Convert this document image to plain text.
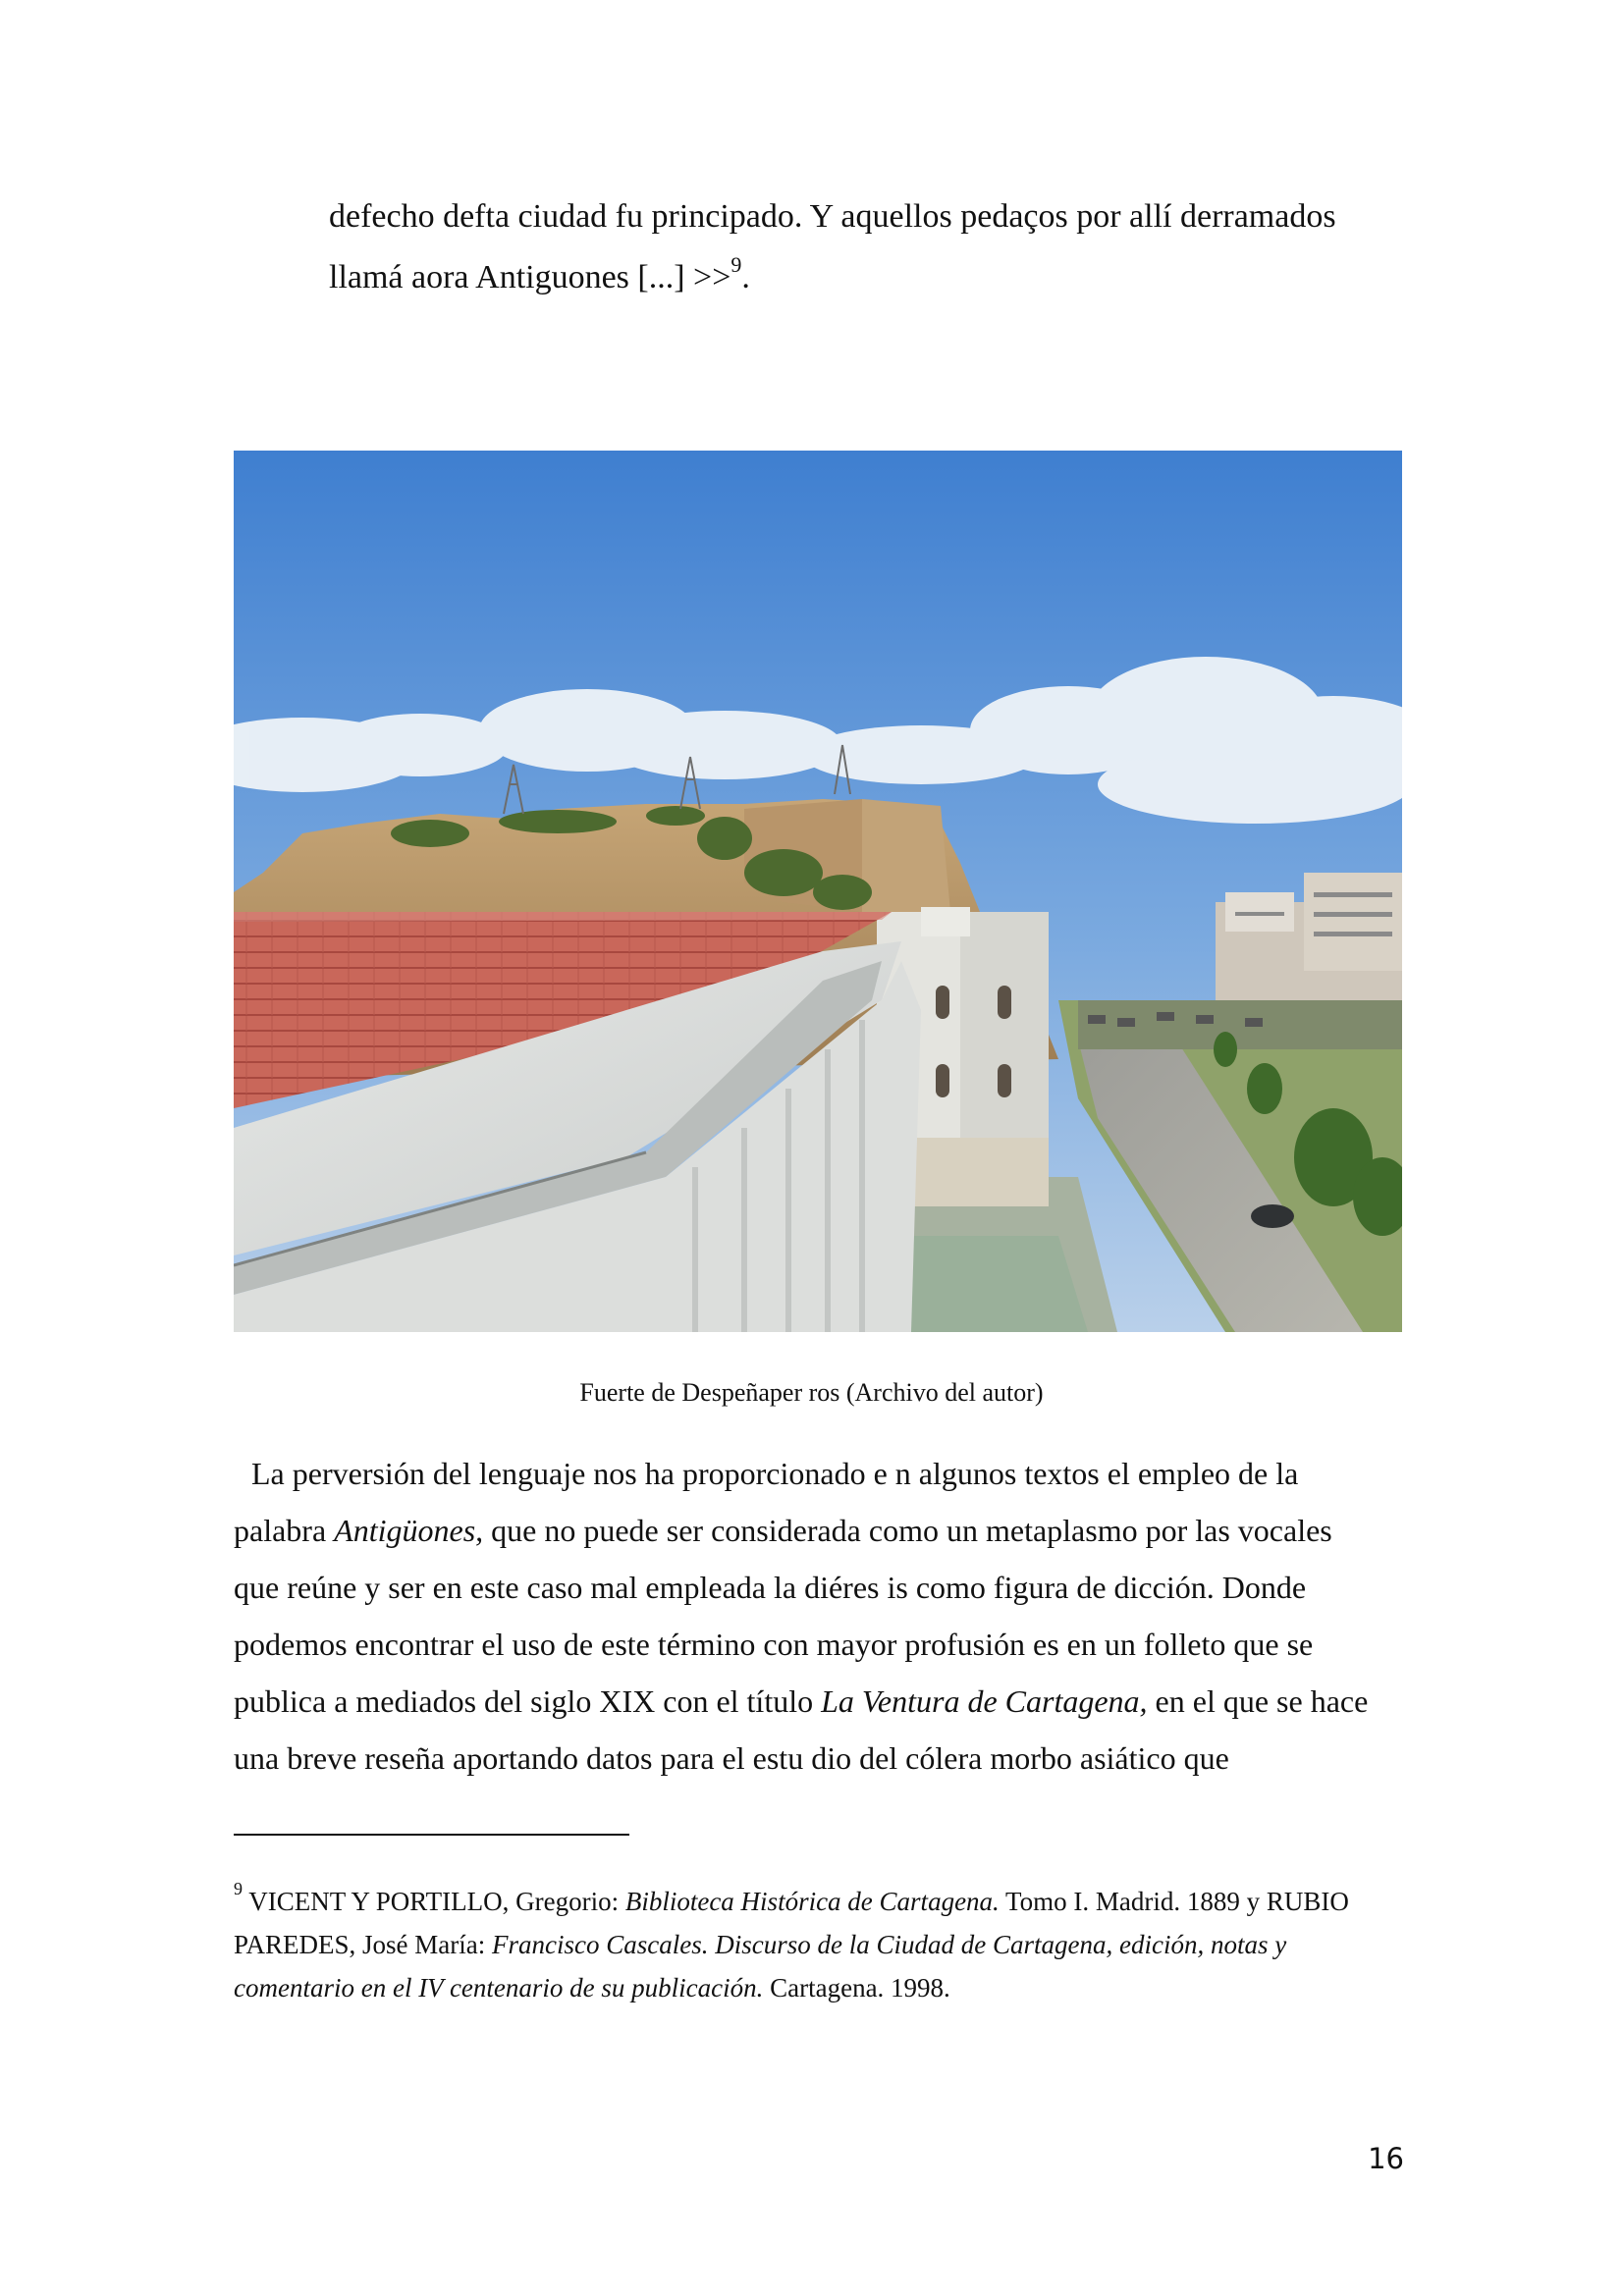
defecho defta ciudad fu principado. Y aquellos pedaços por allí derramados

llamá aora Antiguones [...] >>$^9$.

Fuerte de Despeñaper ros (Archivo del autor)

La perversión del lenguaje nos ha proporcionado e n algunos textos el empleo de la

palabra Antigüones, que no puede ser considerada como un metaplasmo por las vocales

que reúne y ser en este caso mal empleada la diéres is como figura de dicción. Donde

podemos encontrar el uso de este término con mayor profusión es en un folleto que se

publica a mediados del siglo XIX con el título La Ventura de Cartagena, en el que se hace

una breve reseña aportando datos para el estu dio del cólera morbo asiático que

$^9$ VICENT Y PORTILLO, Gregorio: Biblioteca Histórica de Cartagena. Tomo I. Madrid. 1889 y RUBIO

PAREDES, José María: Francisco Cascales. Discurso de la Ciudad de Cartagena, edición, notas y

comentario en el IV centenario de su publicación. Cartagena. 1998.

16
